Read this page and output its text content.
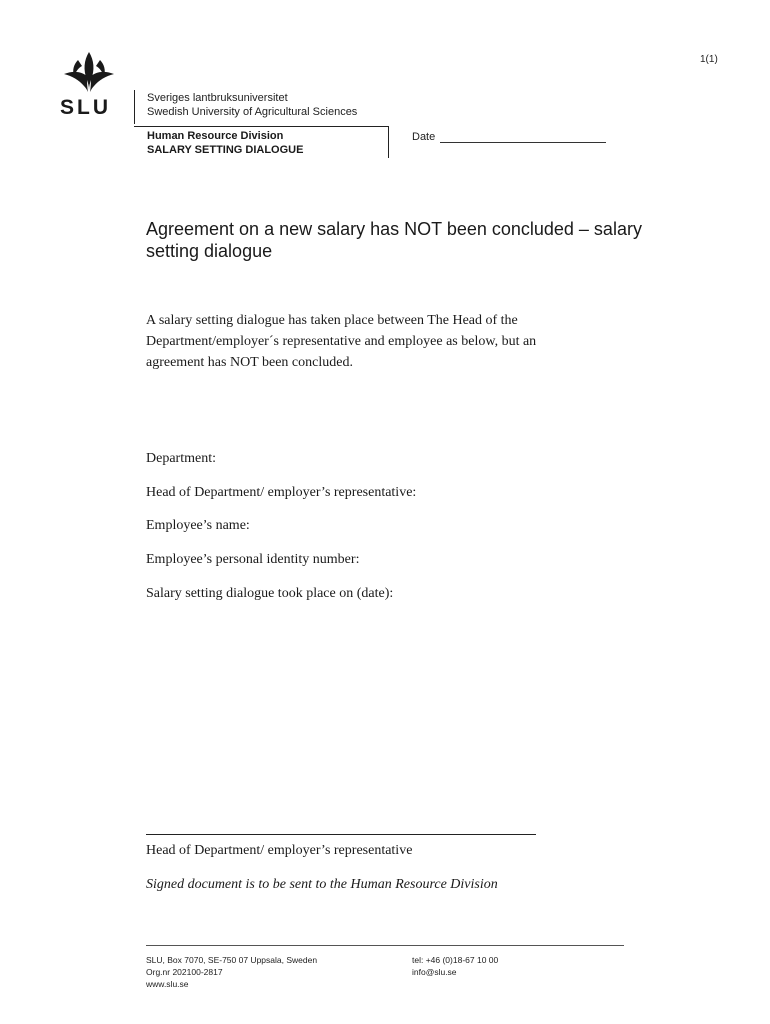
1(1)
SLU	Sveriges lantbruksuniversitet
Swedish University of Agricultural Sciences
Human Resource Division
SALARY SETTING DIALOGUE
Date
Agreement on a new salary has NOT been concluded – salary setting dialogue

A salary setting dialogue has taken place between The Head of the Department/employer´s representative and employee as below, but an agreement has NOT been concluded.

Department:
Head of Department/ employer’s representative:
Employee’s name:
Employee’s personal identity number:
Salary setting dialogue took place on (date):
Head of Department/ employer’s representative
Signed document is to be sent to the Human Resource Division
SLU, Box 7070, SE-750 07 Uppsala, Sweden
Org.nr 202100-2817
www.slu.se
tel: +46 (0)18-67 10 00
info@slu.se
